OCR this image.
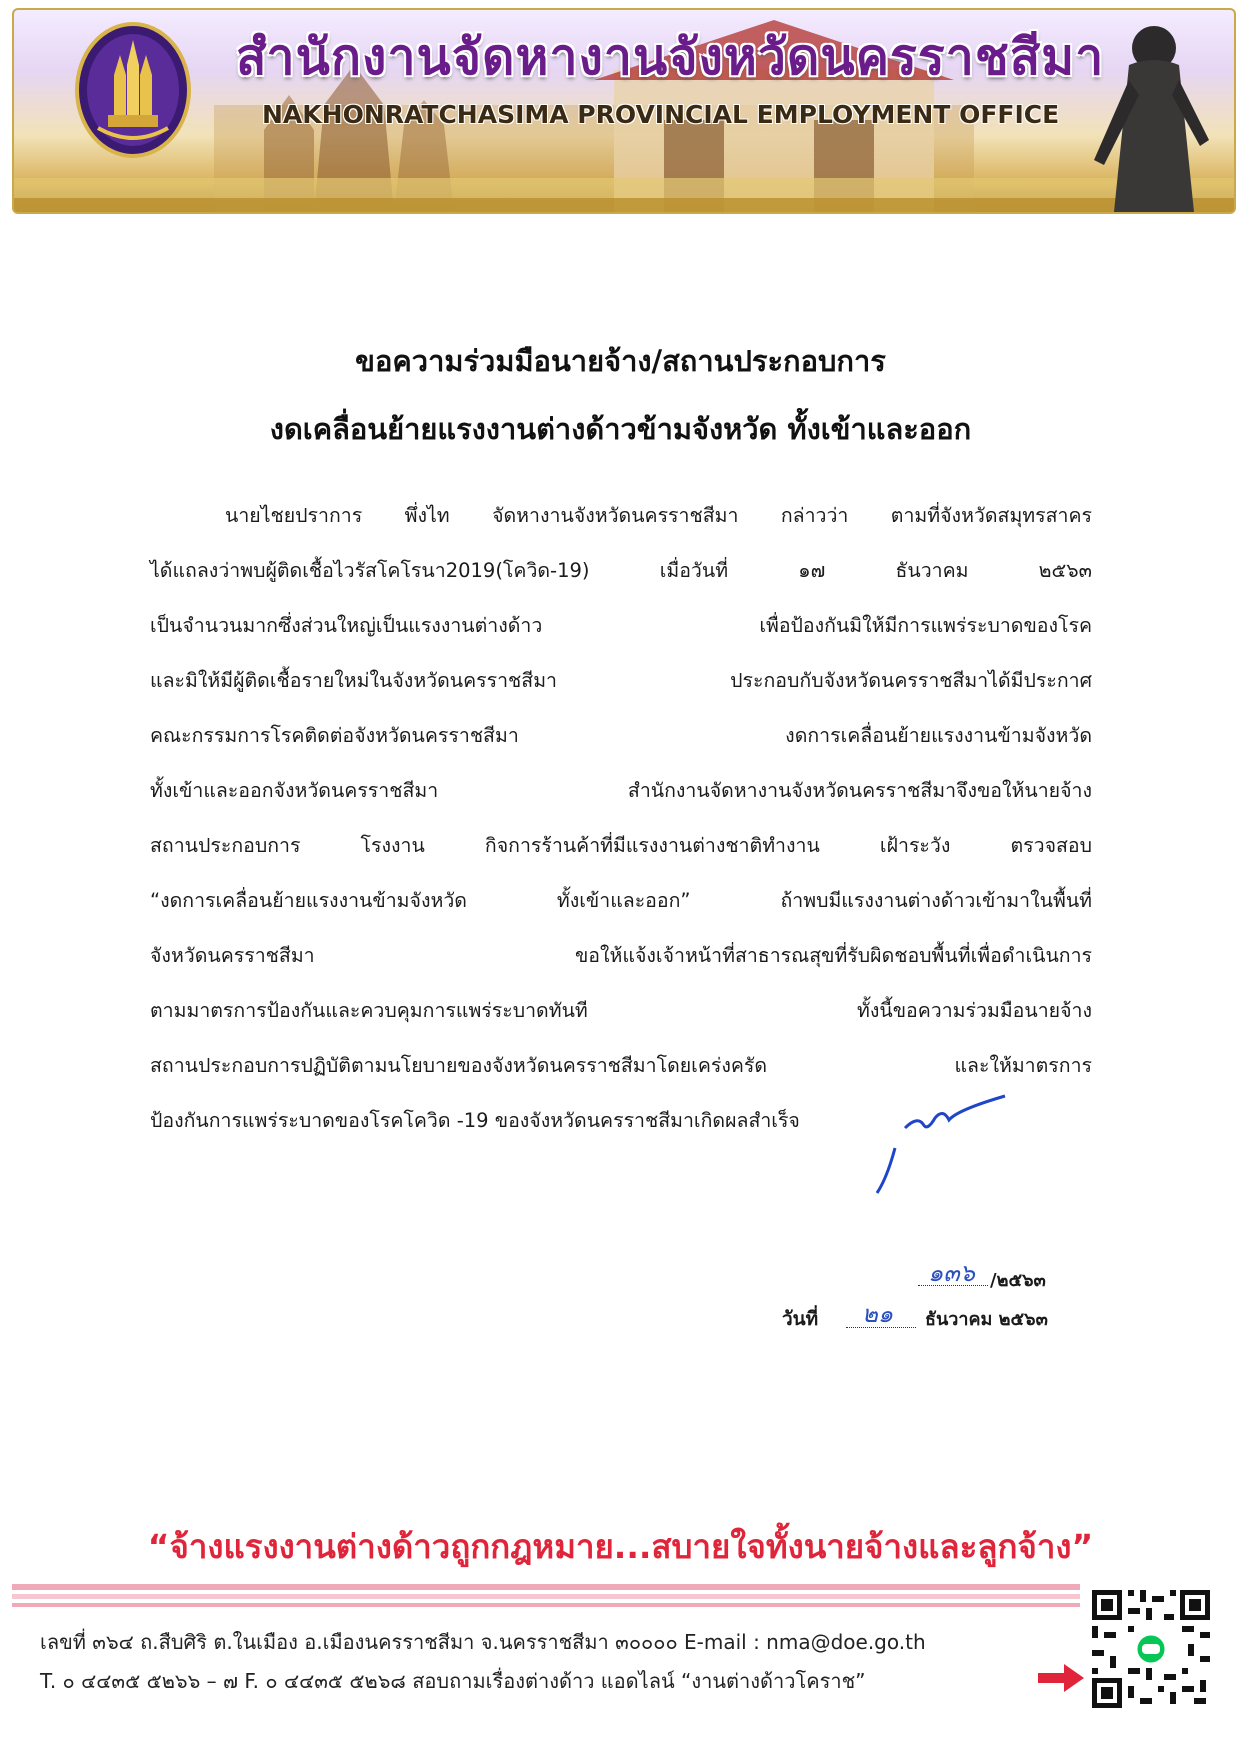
สำนักงานจัดหางานจังหวัดนครราชสีมา
NAKHONRATCHASIMA PROVINCIAL EMPLOYMENT OFFICE
ขอความร่วมมือนายจ้าง/สถานประกอบการ
งดเคลื่อนย้ายแรงงานต่างด้าวข้ามจังหวัด ทั้งเข้าและออก
นายไชยปราการ พึ่งไท จัดหางานจังหวัดนครราชสีมา กล่าวว่า ตามที่จังหวัดสมุทรสาคร
ได้แถลงว่าพบผู้ติดเชื้อไวรัสโคโรนา2019(โควิด-19) เมื่อวันที่ ๑๗ ธันวาคม ๒๕๖๓
เป็นจำนวนมากซึ่งส่วนใหญ่เป็นแรงงานต่างด้าว เพื่อป้องกันมิให้มีการแพร่ระบาดของโรค
และมิให้มีผู้ติดเชื้อรายใหม่ในจังหวัดนครราชสีมา ประกอบกับจังหวัดนครราชสีมาได้มีประกาศ
คณะกรรมการโรคติดต่อจังหวัดนครราชสีมา งดการเคลื่อนย้ายแรงงานข้ามจังหวัด
ทั้งเข้าและออกจังหวัดนครราชสีมา สำนักงานจัดหางานจังหวัดนครราชสีมาจึงขอให้นายจ้าง
สถานประกอบการ โรงงาน กิจการร้านค้าที่มีแรงงานต่างชาติทำงาน เฝ้าระวัง ตรวจสอบ
“งดการเคลื่อนย้ายแรงงานข้ามจังหวัด ทั้งเข้าและออก” ถ้าพบมีแรงงานต่างด้าวเข้ามาในพื้นที่
จังหวัดนครราชสีมา ขอให้แจ้งเจ้าหน้าที่สาธารณสุขที่รับผิดชอบพื้นที่เพื่อดำเนินการ
ตามมาตรการป้องกันและควบคุมการแพร่ระบาดทันที ทั้งนี้ขอความร่วมมือนายจ้าง
สถานประกอบการปฏิบัติตามนโยบายของจังหวัดนครราชสีมาโดยเคร่งครัด และให้มาตรการ
ป้องกันการแพร่ระบาดของโรคโควิด -19 ของจังหวัดนครราชสีมาเกิดผลสำเร็จ
๑๓๖ /๒๕๖๓
วันที่ ๒๑ ธันวาคม ๒๕๖๓
“จ้างแรงงานต่างด้าวถูกกฎหมาย...สบายใจทั้งนายจ้างและลูกจ้าง”
เลขที่ ๓๖๔ ถ.สืบศิริ ต.ในเมือง อ.เมืองนครราชสีมา จ.นครราชสีมา ๓๐๐๐๐ E-mail : nma@doe.go.th
T. ๐ ๔๔๓๕ ๕๒๖๖ – ๗ F. ๐ ๔๔๓๕ ๕๒๖๘ สอบถามเรื่องต่างด้าว แอดไลน์ “งานต่างด้าวโคราช”
